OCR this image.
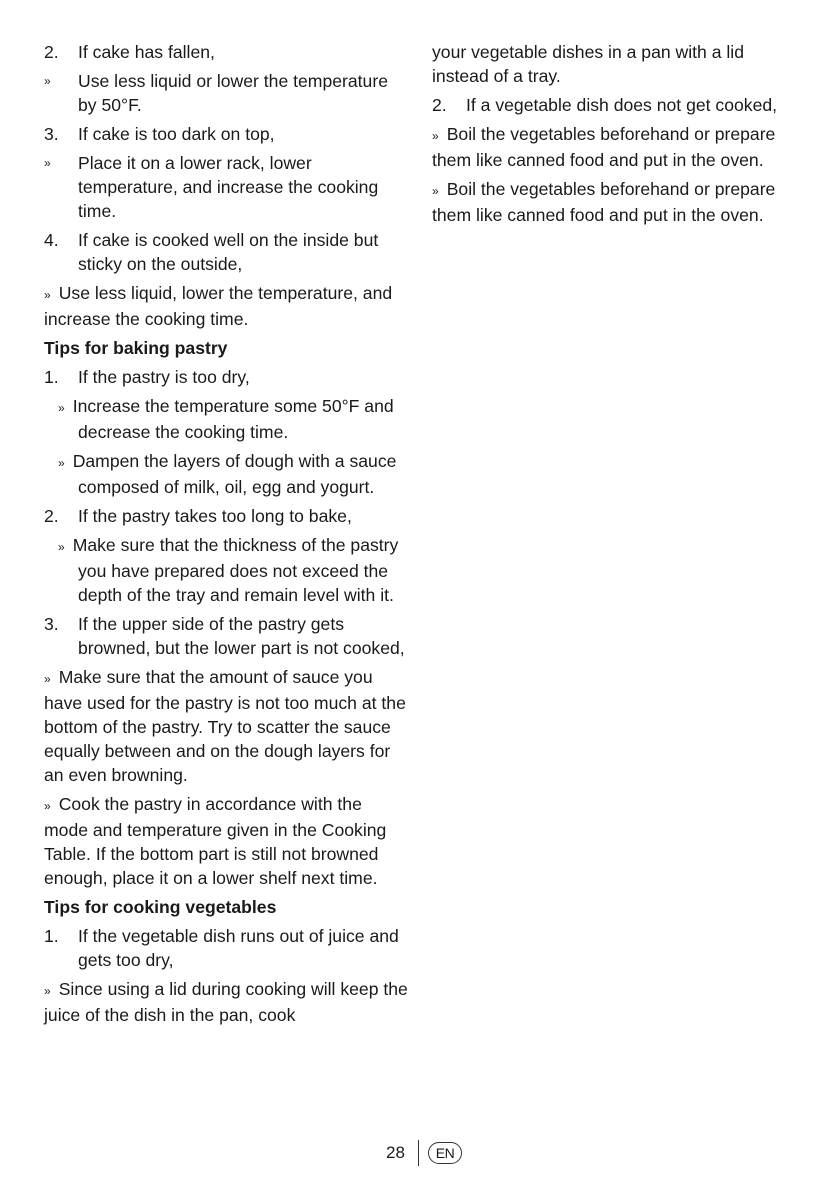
2.	If cake has fallen,
»	Use less liquid or lower the temperature by 50°F.
3.	If cake is too dark on top,
»	Place it on a lower rack, lower temperature, and increase the cooking time.
4.	If cake is cooked well on the inside but sticky on the outside,
» Use less liquid, lower the temperature, and increase the cooking time.
Tips for baking pastry
1.	If the pastry is too dry,
» Increase the temperature some 50°F and decrease the cooking time.
» Dampen the layers of dough with a sauce composed of milk, oil, egg and yogurt.
2.	If the pastry takes too long to bake,
» Make sure that the thickness of the pastry you have prepared does not exceed the depth of the tray and remain level with it.
3.	If the upper side of the pastry gets browned, but the lower part is not cooked,
» Make sure that the amount of sauce you have used for the pastry is not too much at the bottom of the pastry. Try to scatter the sauce equally between and on the dough layers for an even browning.
» Cook the pastry in accordance with the mode and temperature given in the Cooking Table. If the bottom part is still not browned enough, place it on a lower shelf next time.
Tips for cooking vegetables
1.	If the vegetable dish runs out of juice and gets too dry,
» Since using a lid during cooking will keep the juice of the dish in the pan, cook
your vegetable dishes in a pan with a lid instead of a tray.
2.	If a vegetable dish does not get cooked,
» Boil the vegetables beforehand or prepare them like canned food and put in the oven.
» Boil the vegetables beforehand or prepare them like canned food and put in the oven.
28	EN
